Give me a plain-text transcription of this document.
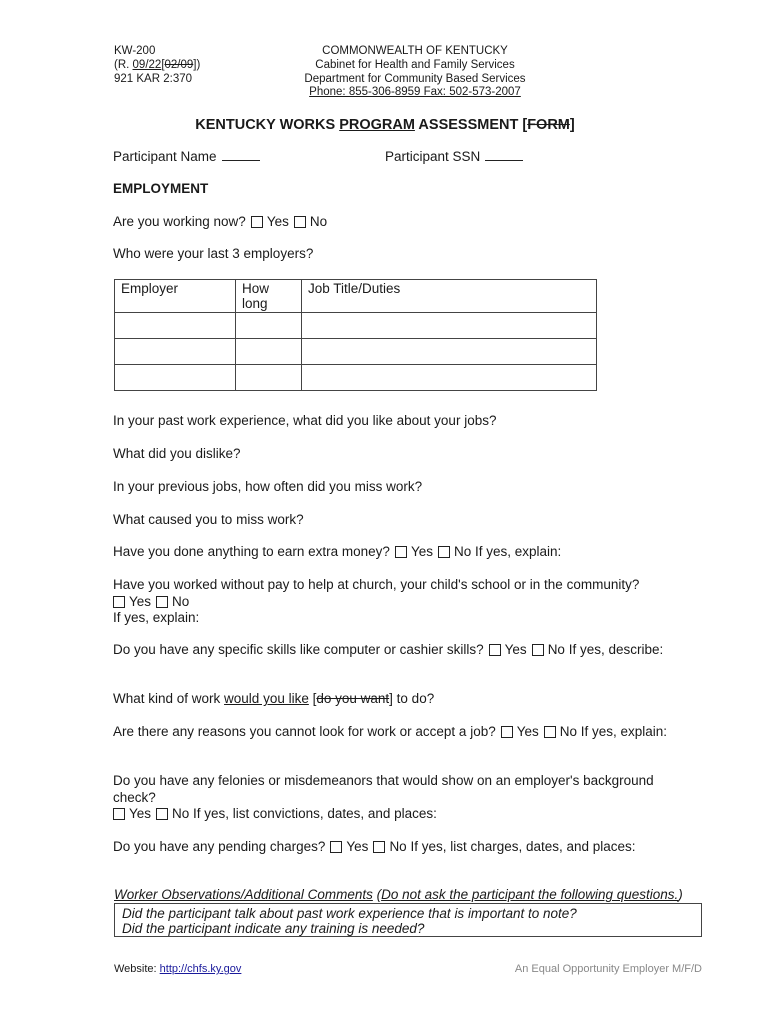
KW-200
(R. 09/22[02/09])
921 KAR 2:370
COMMONWEALTH OF KENTUCKY
Cabinet for Health and Family Services
Department for Community Based Services
Phone: 855-306-8959 Fax: 502-573-2007
KENTUCKY WORKS PROGRAM ASSESSMENT [FORM]
Participant Name	Participant SSN
EMPLOYMENT
Are you working now? Yes No
Who were your last 3 employers?
Employer	How long	Job Title/Duties

In your past work experience, what did you like about your jobs?
What did you dislike?
In your previous jobs, how often did you miss work?
What caused you to miss work?
Have you done anything to earn extra money? Yes No If yes, explain:
Have you worked without pay to help at church, your child's school or in the community?
Yes No
If yes, explain:
Do you have any specific skills like computer or cashier skills? Yes No If yes, describe:
What kind of work would you like [do you want] to do?
Are there any reasons you cannot look for work or accept a job? Yes No If yes, explain:
Do you have any felonies or misdemeanors that would show on an employer's background
check?
Yes No If yes, list convictions, dates, and places:
Do you have any pending charges? Yes No If yes, list charges, dates, and places:
Worker Observations/Additional Comments (Do not ask the participant the following questions.)
Did the participant talk about past work experience that is important to note?
Did the participant indicate any training is needed?
Website: http://chfs.ky.gov	An Equal Opportunity Employer M/F/D
